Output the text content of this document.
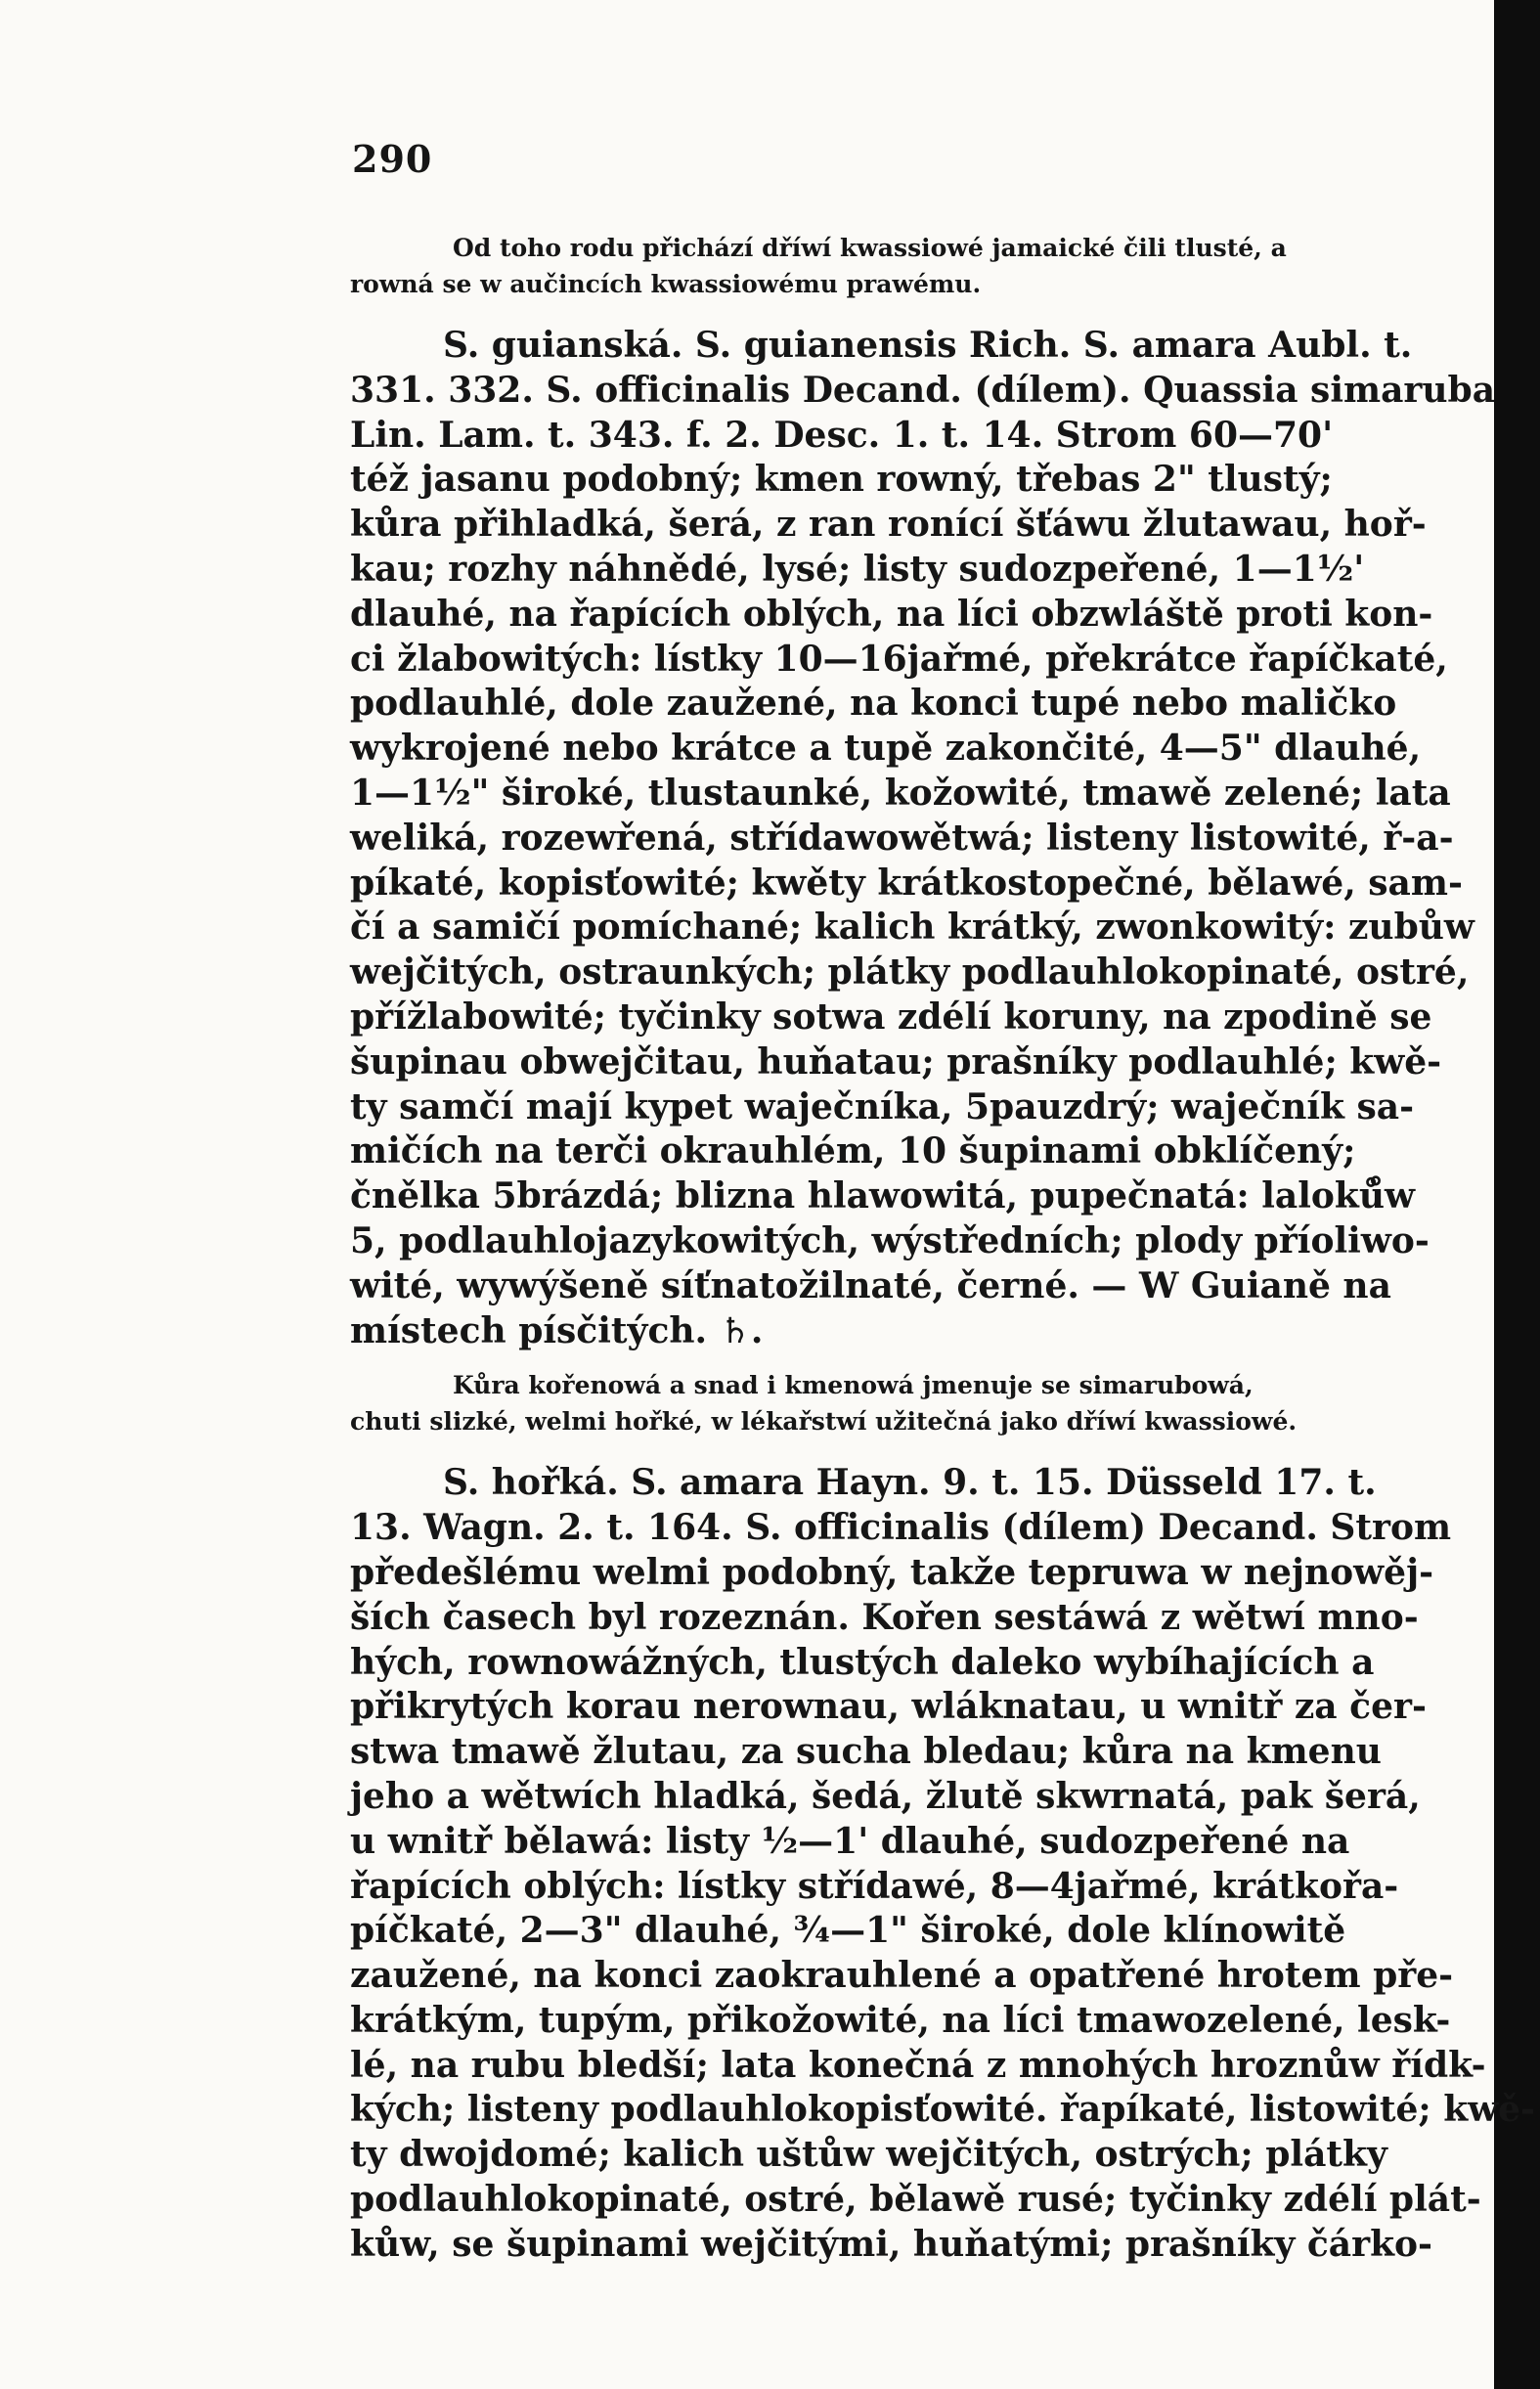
290
Od toho rodu přichází dříwí kwassiowé jamaické čili tlusté, a
rowná se w aučincích kwassiowému prawému.
S. guianská. S. guianensis Rich. S. amara Aubl. t.
331. 332. S. officinalis Decand. (dílem). Quassia simaruba
Lin. Lam. t. 343. f. 2. Desc. 1. t. 14. Strom 60—70'
též jasanu podobný; kmen rowný, třebas 2" tlustý;
kůra přihladká, šerá, z ran ronící šťáwu žlutawau, hoř-
kau; rozhy náhnědé, lysé; listy sudozpeřené, 1—1½'
dlauhé, na řapících oblých, na líci obzwláště proti kon-
ci žlabowitých: lístky 10—16jařmé, překrátce řapíčkaté,
podlauhlé, dole zaužené, na konci tupé nebo maličko
wykrojené nebo krátce a tupě zakončité, 4—5" dlauhé,
1—1½" široké, tlustaunké, kožowité, tmawě zelené; lata
weliká, rozewřená, střídawowětwá; listeny listowité, ř-a-
píkaté, kopisťowité; kwěty krátkostopečné, bělawé, sam-
čí a samičí pomíchané; kalich krátký, zwonkowitý: zubůw
wejčitých, ostraunkých; plátky podlauhlokopinaté, ostré,
přížlabowité; tyčinky sotwa zdélí koruny, na zpodině se
šupinau obwejčitau, huňatau; prašníky podlauhlé; kwě-
ty samčí mají kypet waječníka, 5pauzdrý; waječník sa-
mičích na terči okrauhlém, 10 šupinami obklíčený;
čnělka 5brázdá; blizna hlawowitá, pupečnatá: laloků̊w
5, podlauhlojazykowitých, wýstředních; plody příoliwo-
wité, wywýšeně síťnatožilnaté, černé. — W Guianě na
místech písčitých. ♄.
Kůra kořenowá a snad i kmenowá jmenuje se simarubowá,
chuti slizké, welmi hořké, w lékařstwí užitečná jako dříwí kwassiowé.
S. hořká. S. amara Hayn. 9. t. 15. Düsseld 17. t.
13. Wagn. 2. t. 164. S. officinalis (dílem) Decand. Strom
předešlému welmi podobný, takže tepruwa w nejnowěj-
ších časech byl rozeznán. Kořen sestáwá z wětwí mno-
hých, rownowážných, tlustých daleko wybíhajících a
přikrytých korau nerownau, wláknatau, u wnitř za čer-
stwa tmawě žlutau, za sucha bledau; kůra na kmenu
jeho a wětwích hladká, šedá, žlutě skwrnatá, pak šerá,
u wnitř bělawá: listy ½—1' dlauhé, sudozpeřené na
řapících oblých: lístky střídawé, 8—4jařmé, krátkořa-
píčkaté, 2—3" dlauhé, ¾—1" široké, dole klínowitě
zaužené, na konci zaokrauhlené a opatřené hrotem pře-
krátkým, tupým, přikožowité, na líci tmawozelené, lesk-
lé, na rubu bledší; lata konečná z mnohých hroznůw řídk-
kých; listeny podlauhlokopisťowité. řapíkaté, listowité; kwě-
ty dwojdomé; kalich uštůw wejčitých, ostrých; plátky
podlauhlokopinaté, ostré, bělawě rusé; tyčinky zdélí plát-
kůw, se šupinami wejčitými, huňatými; prašníky čárko-
